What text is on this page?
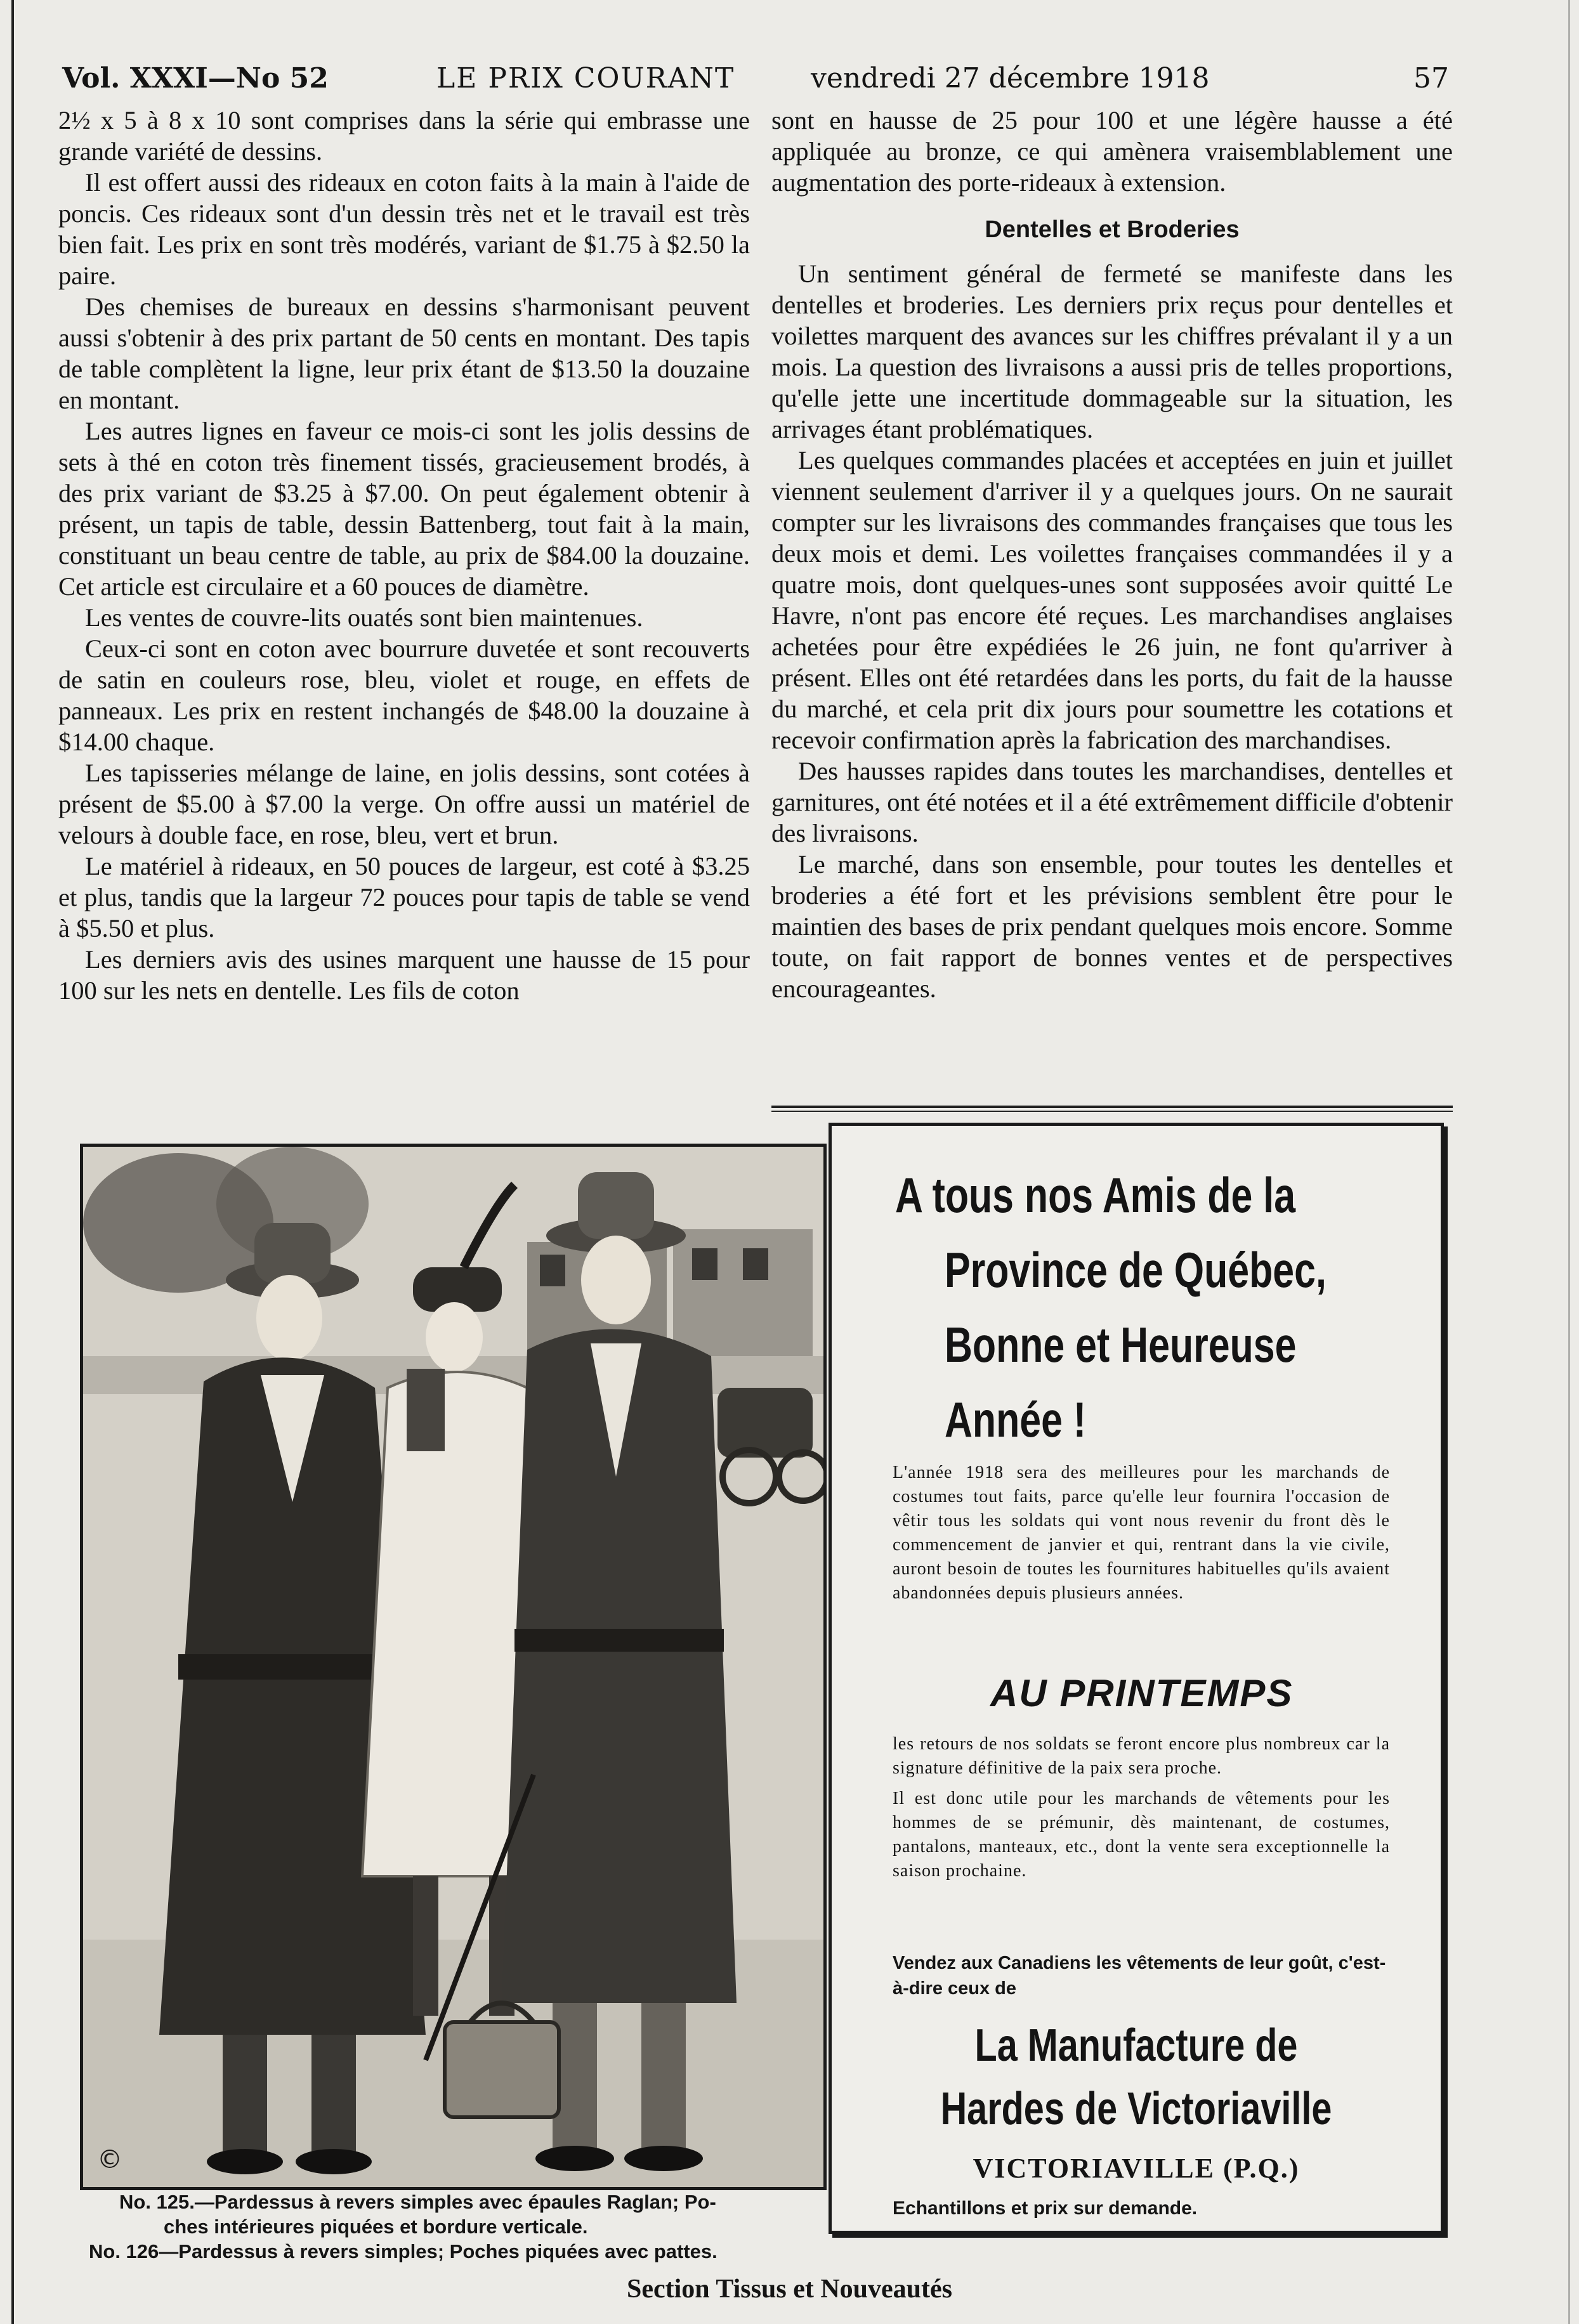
Vol. XXXI—No 52	LE PRIX COURANT	vendredi 27 décembre 1918	57

2½ x 5 à 8 x 10 sont comprises dans la série qui embrasse une grande variété de dessins.

Il est offert aussi des rideaux en coton faits à la main à l'aide de poncis. Ces rideaux sont d'un dessin très net et le travail est très bien fait. Les prix en sont très modérés, variant de $1.75 à $2.50 la paire.

Des chemises de bureaux en dessins s'harmonisant peuvent aussi s'obtenir à des prix partant de 50 cents en montant. Des tapis de table complètent la ligne, leur prix étant de $13.50 la douzaine en montant.

Les autres lignes en faveur ce mois-ci sont les jolis dessins de sets à thé en coton très finement tissés, gracieusement brodés, à des prix variant de $3.25 à $7.00. On peut également obtenir à présent, un tapis de table, dessin Battenberg, tout fait à la main, constituant un beau centre de table, au prix de $84.00 la douzaine. Cet article est circulaire et a 60 pouces de diamètre.

Les ventes de couvre-lits ouatés sont bien maintenues.

Ceux-ci sont en coton avec bourrure duvetée et sont recouverts de satin en couleurs rose, bleu, violet et rouge, en effets de panneaux. Les prix en restent inchangés de $48.00 la douzaine à $14.00 chaque.

Les tapisseries mélange de laine, en jolis dessins, sont cotées à présent de $5.00 à $7.00 la verge. On offre aussi un matériel de velours à double face, en rose, bleu, vert et brun.

Le matériel à rideaux, en 50 pouces de largeur, est coté à $3.25 et plus, tandis que la largeur 72 pouces pour tapis de table se vend à $5.50 et plus.

Les derniers avis des usines marquent une hausse de 15 pour 100 sur les nets en dentelle. Les fils de coton

sont en hausse de 25 pour 100 et une légère hausse a été appliquée au bronze, ce qui amènera vraisemblablement une augmentation des porte-rideaux à extension.

Dentelles et Broderies

Un sentiment général de fermeté se manifeste dans les dentelles et broderies. Les derniers prix reçus pour dentelles et voilettes marquent des avances sur les chiffres prévalant il y a un mois. La question des livraisons a aussi pris de telles proportions, qu'elle jette une incertitude dommageable sur la situation, les arrivages étant problématiques.

Les quelques commandes placées et acceptées en juin et juillet viennent seulement d'arriver il y a quelques jours. On ne saurait compter sur les livraisons des commandes françaises que tous les deux mois et demi. Les voilettes françaises commandées il y a quatre mois, dont quelques-unes sont supposées avoir quitté Le Havre, n'ont pas encore été reçues. Les marchandises anglaises achetées pour être expédiées le 26 juin, ne font qu'arriver à présent. Elles ont été retardées dans les ports, du fait de la hausse du marché, et cela prit dix jours pour soumettre les cotations et recevoir confirmation après la fabrication des marchandises.

Des hausses rapides dans toutes les marchandises, dentelles et garnitures, ont été notées et il a été extrêmement difficile d'obtenir des livraisons.

Le marché, dans son ensemble, pour toutes les dentelles et broderies a été fort et les prévisions semblent être pour le maintien des bases de prix pendant quelques mois encore. Somme toute, on fait rapport de bonnes ventes et de perspectives encourageantes.

©

No. 125.—Pardessus à revers simples avec épaules Raglan; Po-

ches intérieures piquées et bordure verticale.

No. 126—Pardessus à revers simples; Poches piquées avec pattes.

A tous nos Amis de la
Province de Québec,
Bonne et Heureuse
Année !
L'année 1918 sera des meilleures pour les marchands de costumes tout faits, parce qu'elle leur fournira l'occasion de vêtir tous les soldats qui vont nous revenir du front dès le commencement de janvier et qui, rentrant dans la vie civile, auront besoin de toutes les fournitures habituelles qu'ils avaient abandonnées depuis plusieurs années.
AU PRINTEMPS

les retours de nos soldats se feront encore plus nombreux car la signature définitive de la paix sera proche.

Il est donc utile pour les marchands de vêtements pour les hommes de se prémunir, dès maintenant, de costumes, pantalons, manteaux, etc., dont la vente sera exceptionnelle la saison prochaine.

Vendez aux Canadiens les vêtements de leur goût, c'est-à-dire ceux de
La Manufacture de
Hardes de Victoriaville
VICTORIAVILLE (P.Q.)
Echantillons et prix sur demande.
Section Tissus et Nouveautés
